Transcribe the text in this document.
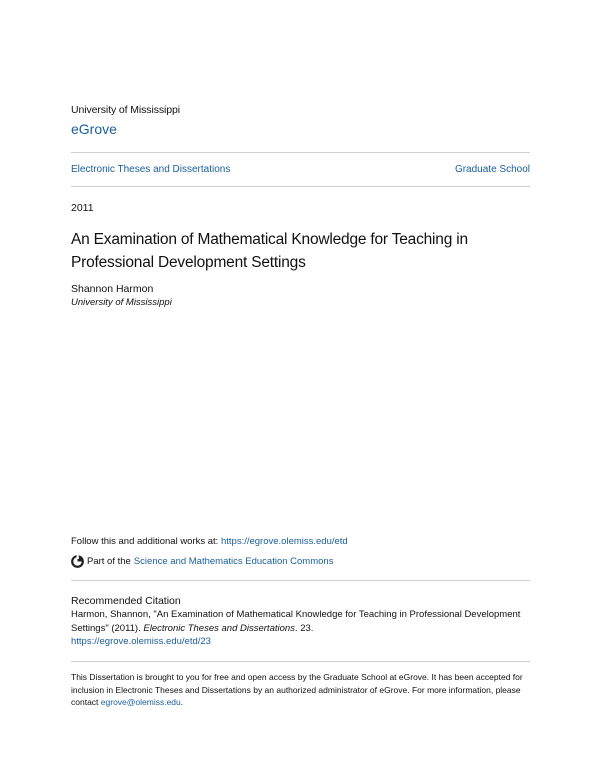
University of Mississippi
eGrove
Electronic Theses and Dissertations	Graduate School
2011
An Examination of Mathematical Knowledge for Teaching in Professional Development Settings
Shannon Harmon
University of Mississippi
Follow this and additional works at: https://egrove.olemiss.edu/etd
Part of the Science and Mathematics Education Commons
Recommended Citation
Harmon, Shannon, "An Examination of Mathematical Knowledge for Teaching in Professional Development Settings" (2011). Electronic Theses and Dissertations. 23.
https://egrove.olemiss.edu/etd/23
This Dissertation is brought to you for free and open access by the Graduate School at eGrove. It has been accepted for inclusion in Electronic Theses and Dissertations by an authorized administrator of eGrove. For more information, please contact egrove@olemiss.edu.
